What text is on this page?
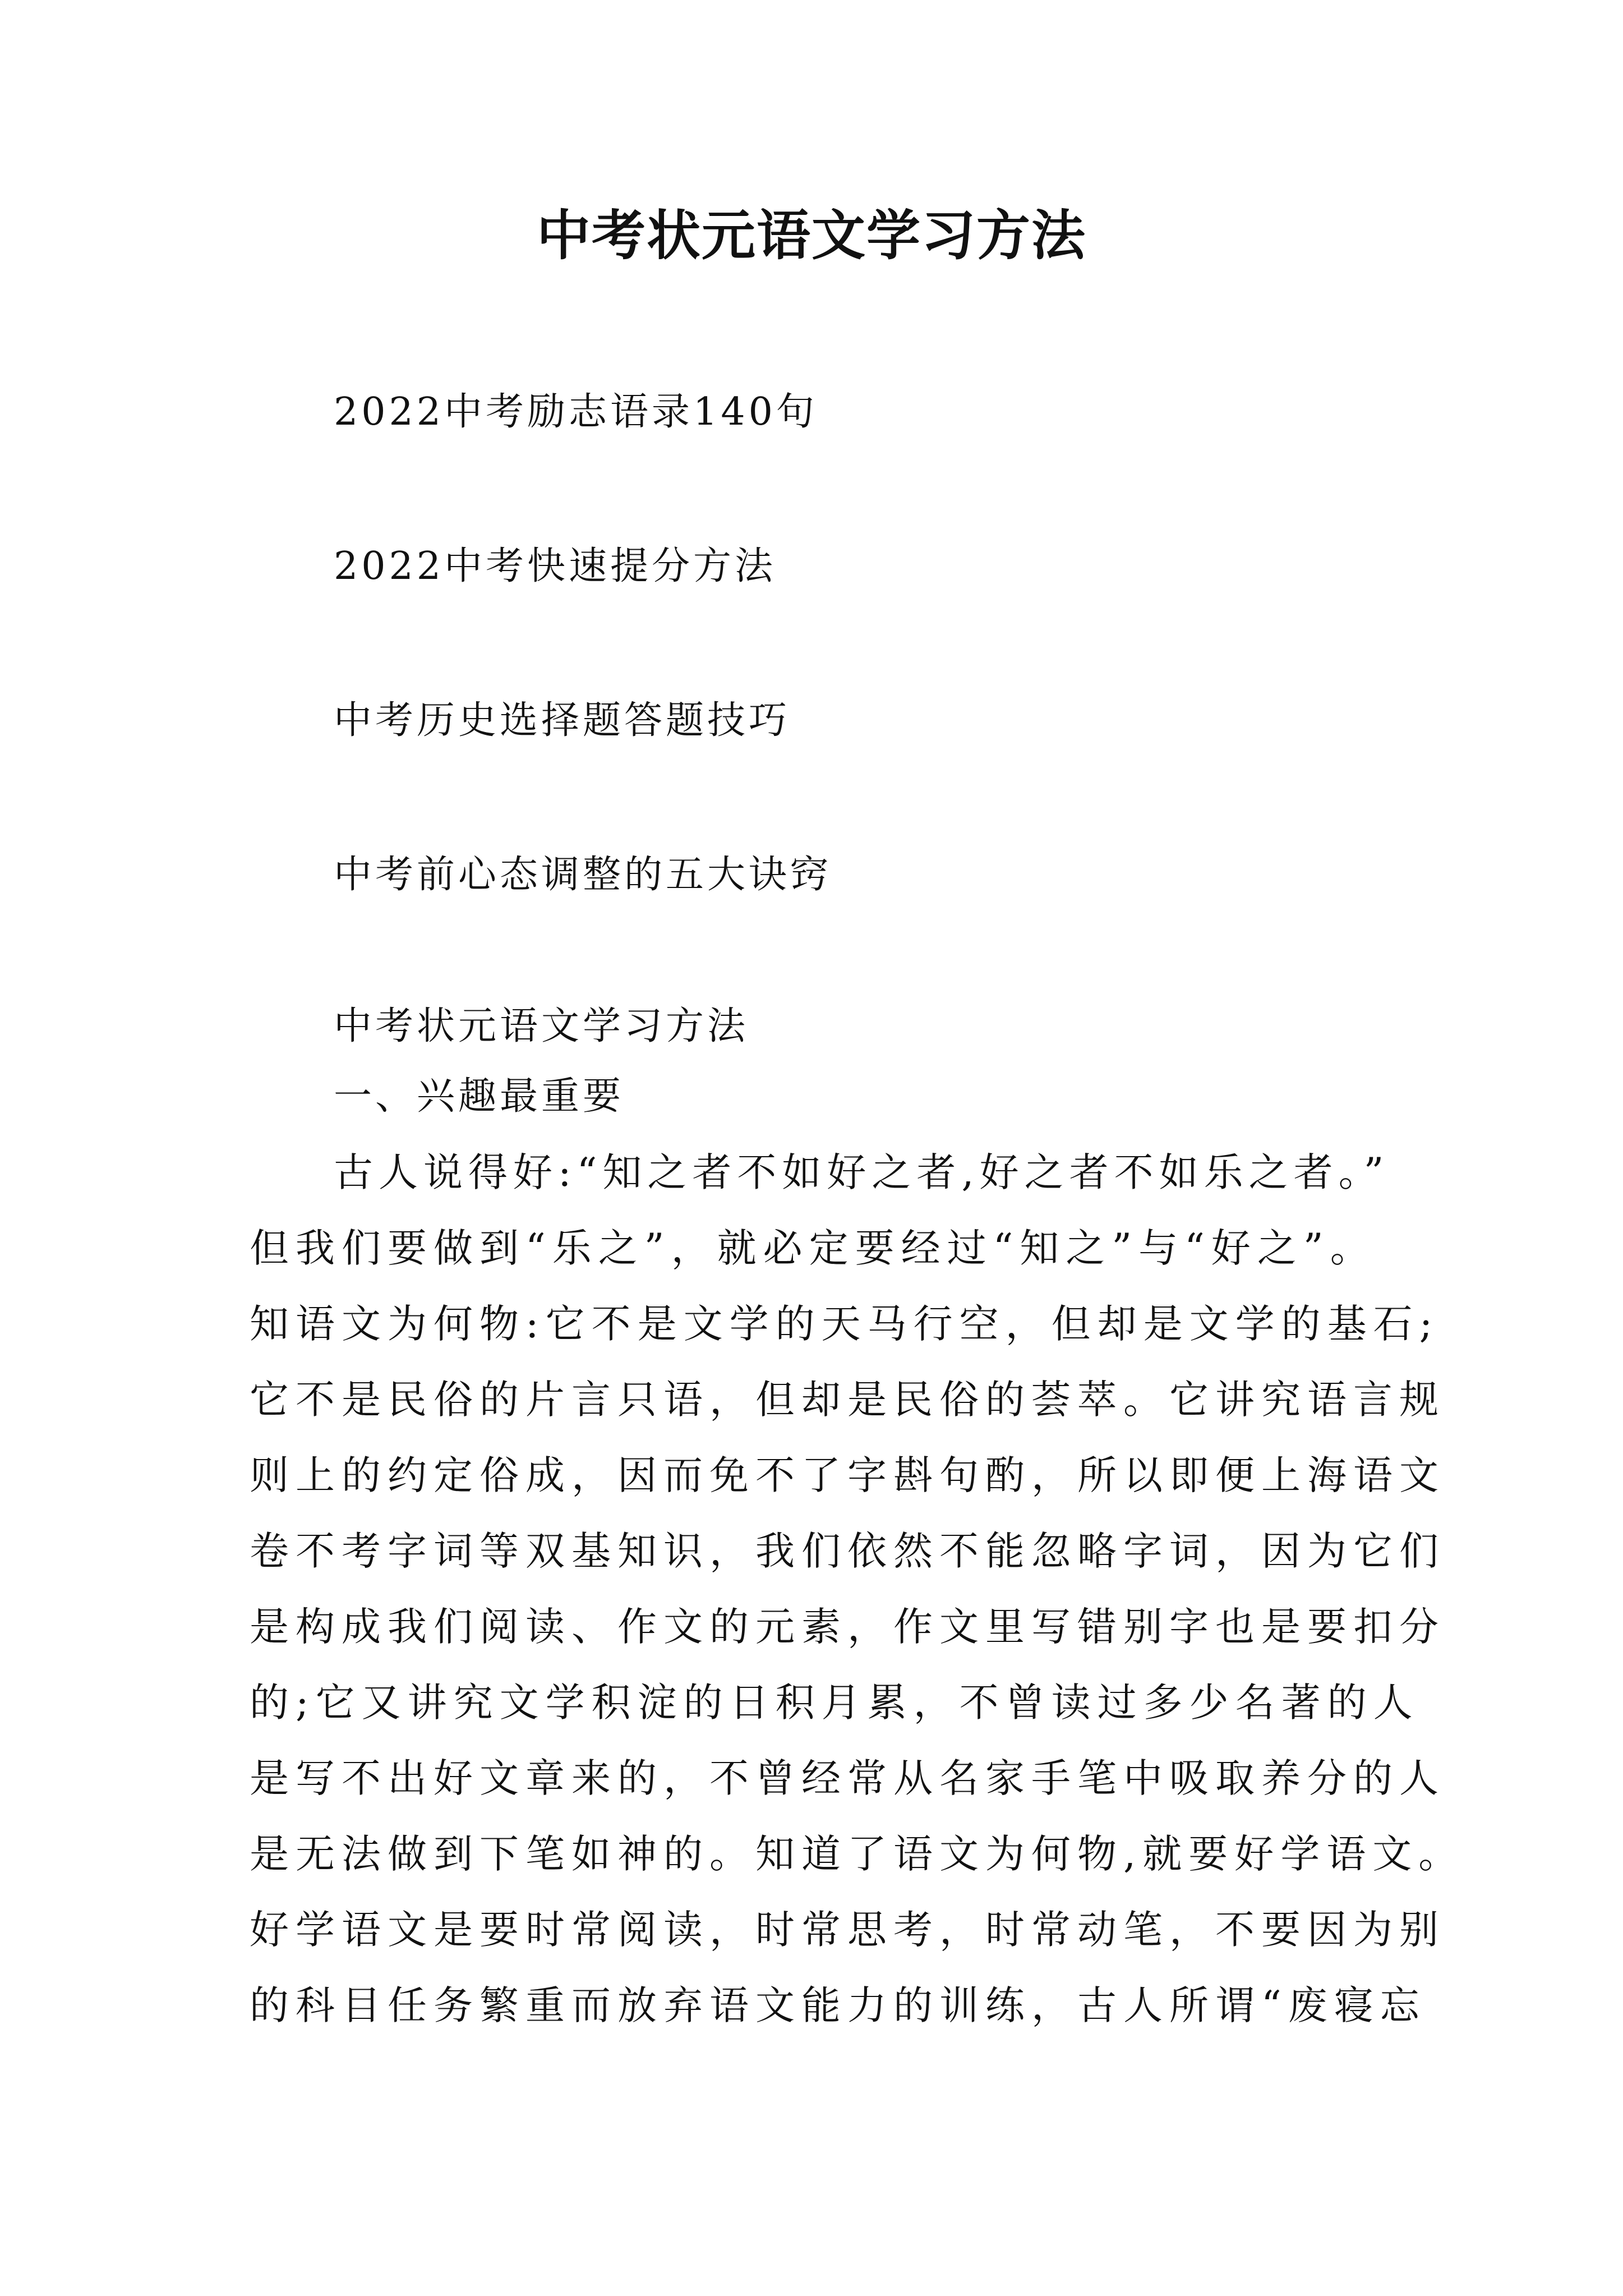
中考状元语文学习方法
2022中考励志语录140句
2022中考快速提分方法
中考历史选择题答题技巧
中考前心态调整的五大诀窍
中考状元语文学习方法
一、兴趣最重要
古人说得好:“知之者不如好之者,好之者不如乐之者。”
但我们要做到“乐之”，就必定要经过“知之”与“好之”。
知语文为何物:它不是文学的天马行空，但却是文学的基石;
它不是民俗的片言只语，但却是民俗的荟萃。它讲究语言规
则上的约定俗成，因而免不了字斟句酌，所以即便上海语文
卷不考字词等双基知识，我们依然不能忽略字词，因为它们
是构成我们阅读、作文的元素，作文里写错别字也是要扣分
的;它又讲究文学积淀的日积月累，不曾读过多少名著的人
是写不出好文章来的，不曾经常从名家手笔中吸取养分的人
是无法做到下笔如神的。知道了语文为何物,就要好学语文。
好学语文是要时常阅读，时常思考，时常动笔，不要因为别
的科目任务繁重而放弃语文能力的训练，古人所谓“废寝忘
